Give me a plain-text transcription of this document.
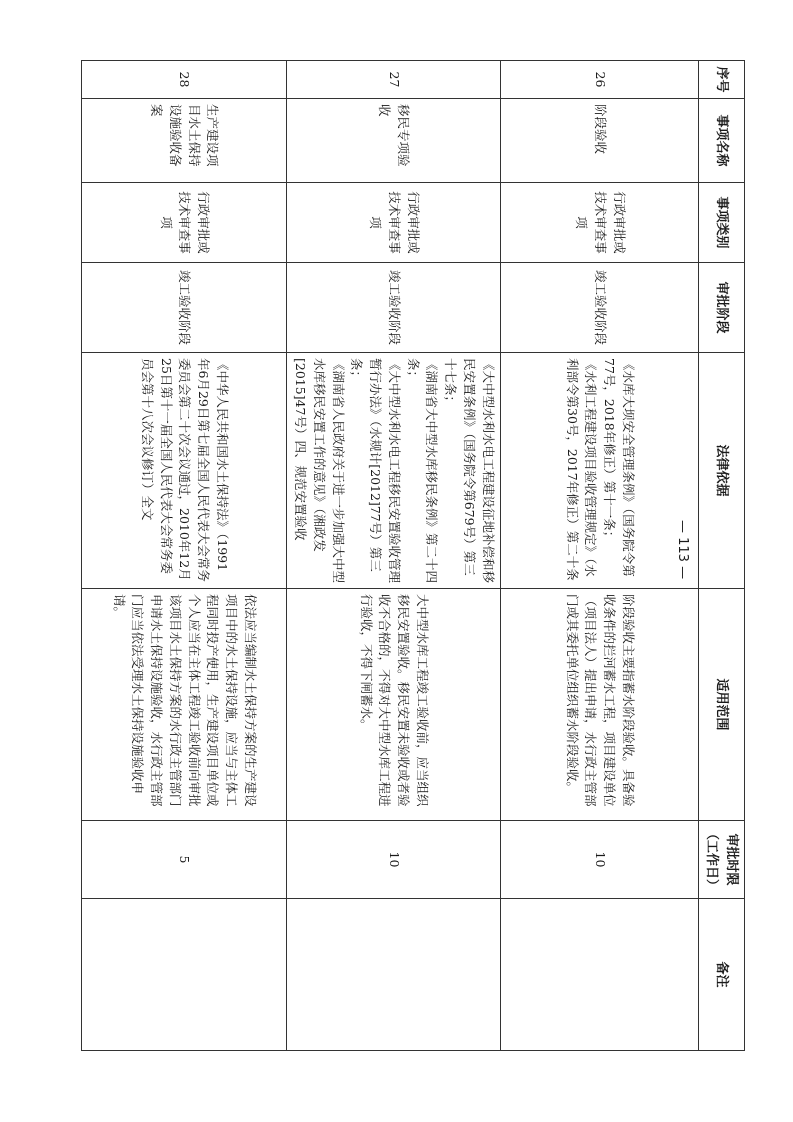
序号	事项名称	事项类别	审批阶段	法律依据	适用范围	审批时限（工作日）	备注
26	阶段验收	行政审批或技术审查事项	竣工验收阶段	《水库大坝安全管理条例》（国务院令第77号，2018年修正）第十一条；

《水利工程建设项目验收管理规定》（水利部令第30号，2017年修正）第二十条	阶段验收主要指蓄水阶段验收。具备验收条件的拦河蓄水工程，项目建设单位（项目法人）提出申请，水行政主管部门或其委托单位组织蓄水阶段验收。	10	
27	移民专项验收	行政审批或技术审查事项	竣工验收阶段	《大中型水利水电工程建设征地补偿和移民安置条例》（国务院令第679号）第三十七条；

《湖南省大中型水库移民条例》第二十四条；

《大中型水利水电工程移民安置验收管理暂行办法》（水规计[2012]77号）第三条；

《湖南省人民政府关于进一步加强大中型水库移民安置工作的意见》（湘政发[2015]47号）四、规范安置验收	大中型水库工程竣工验收前，应当组织移民安置验收。移民安置未验收或者验收不合格的，不得对大中型水库工程进行验收，不得下闸蓄水。	10	
28	生产建设项目水土保持设施验收备案	行政审批或技术审查事项	竣工验收阶段	《中华人民共和国水土保持法》（1991年6月29日第七届全国人民代表大会常务委员会第二十次会议通过，2010年12月25日第十一届全国人民代表大会常务委员会第十八次会议修订）全文	依法应当编制水土保持方案的生产建设项目中的水土保持设施，应当与主体工程同时投产使用，生产建设项目单位或个人应当在主体工程竣工验收前向审批该项目水土保持方案的水行政主管部门申请水土保持设施验收，水行政主管部门应当依法受理水土保持设施验收申请。	5	
— 113 —
